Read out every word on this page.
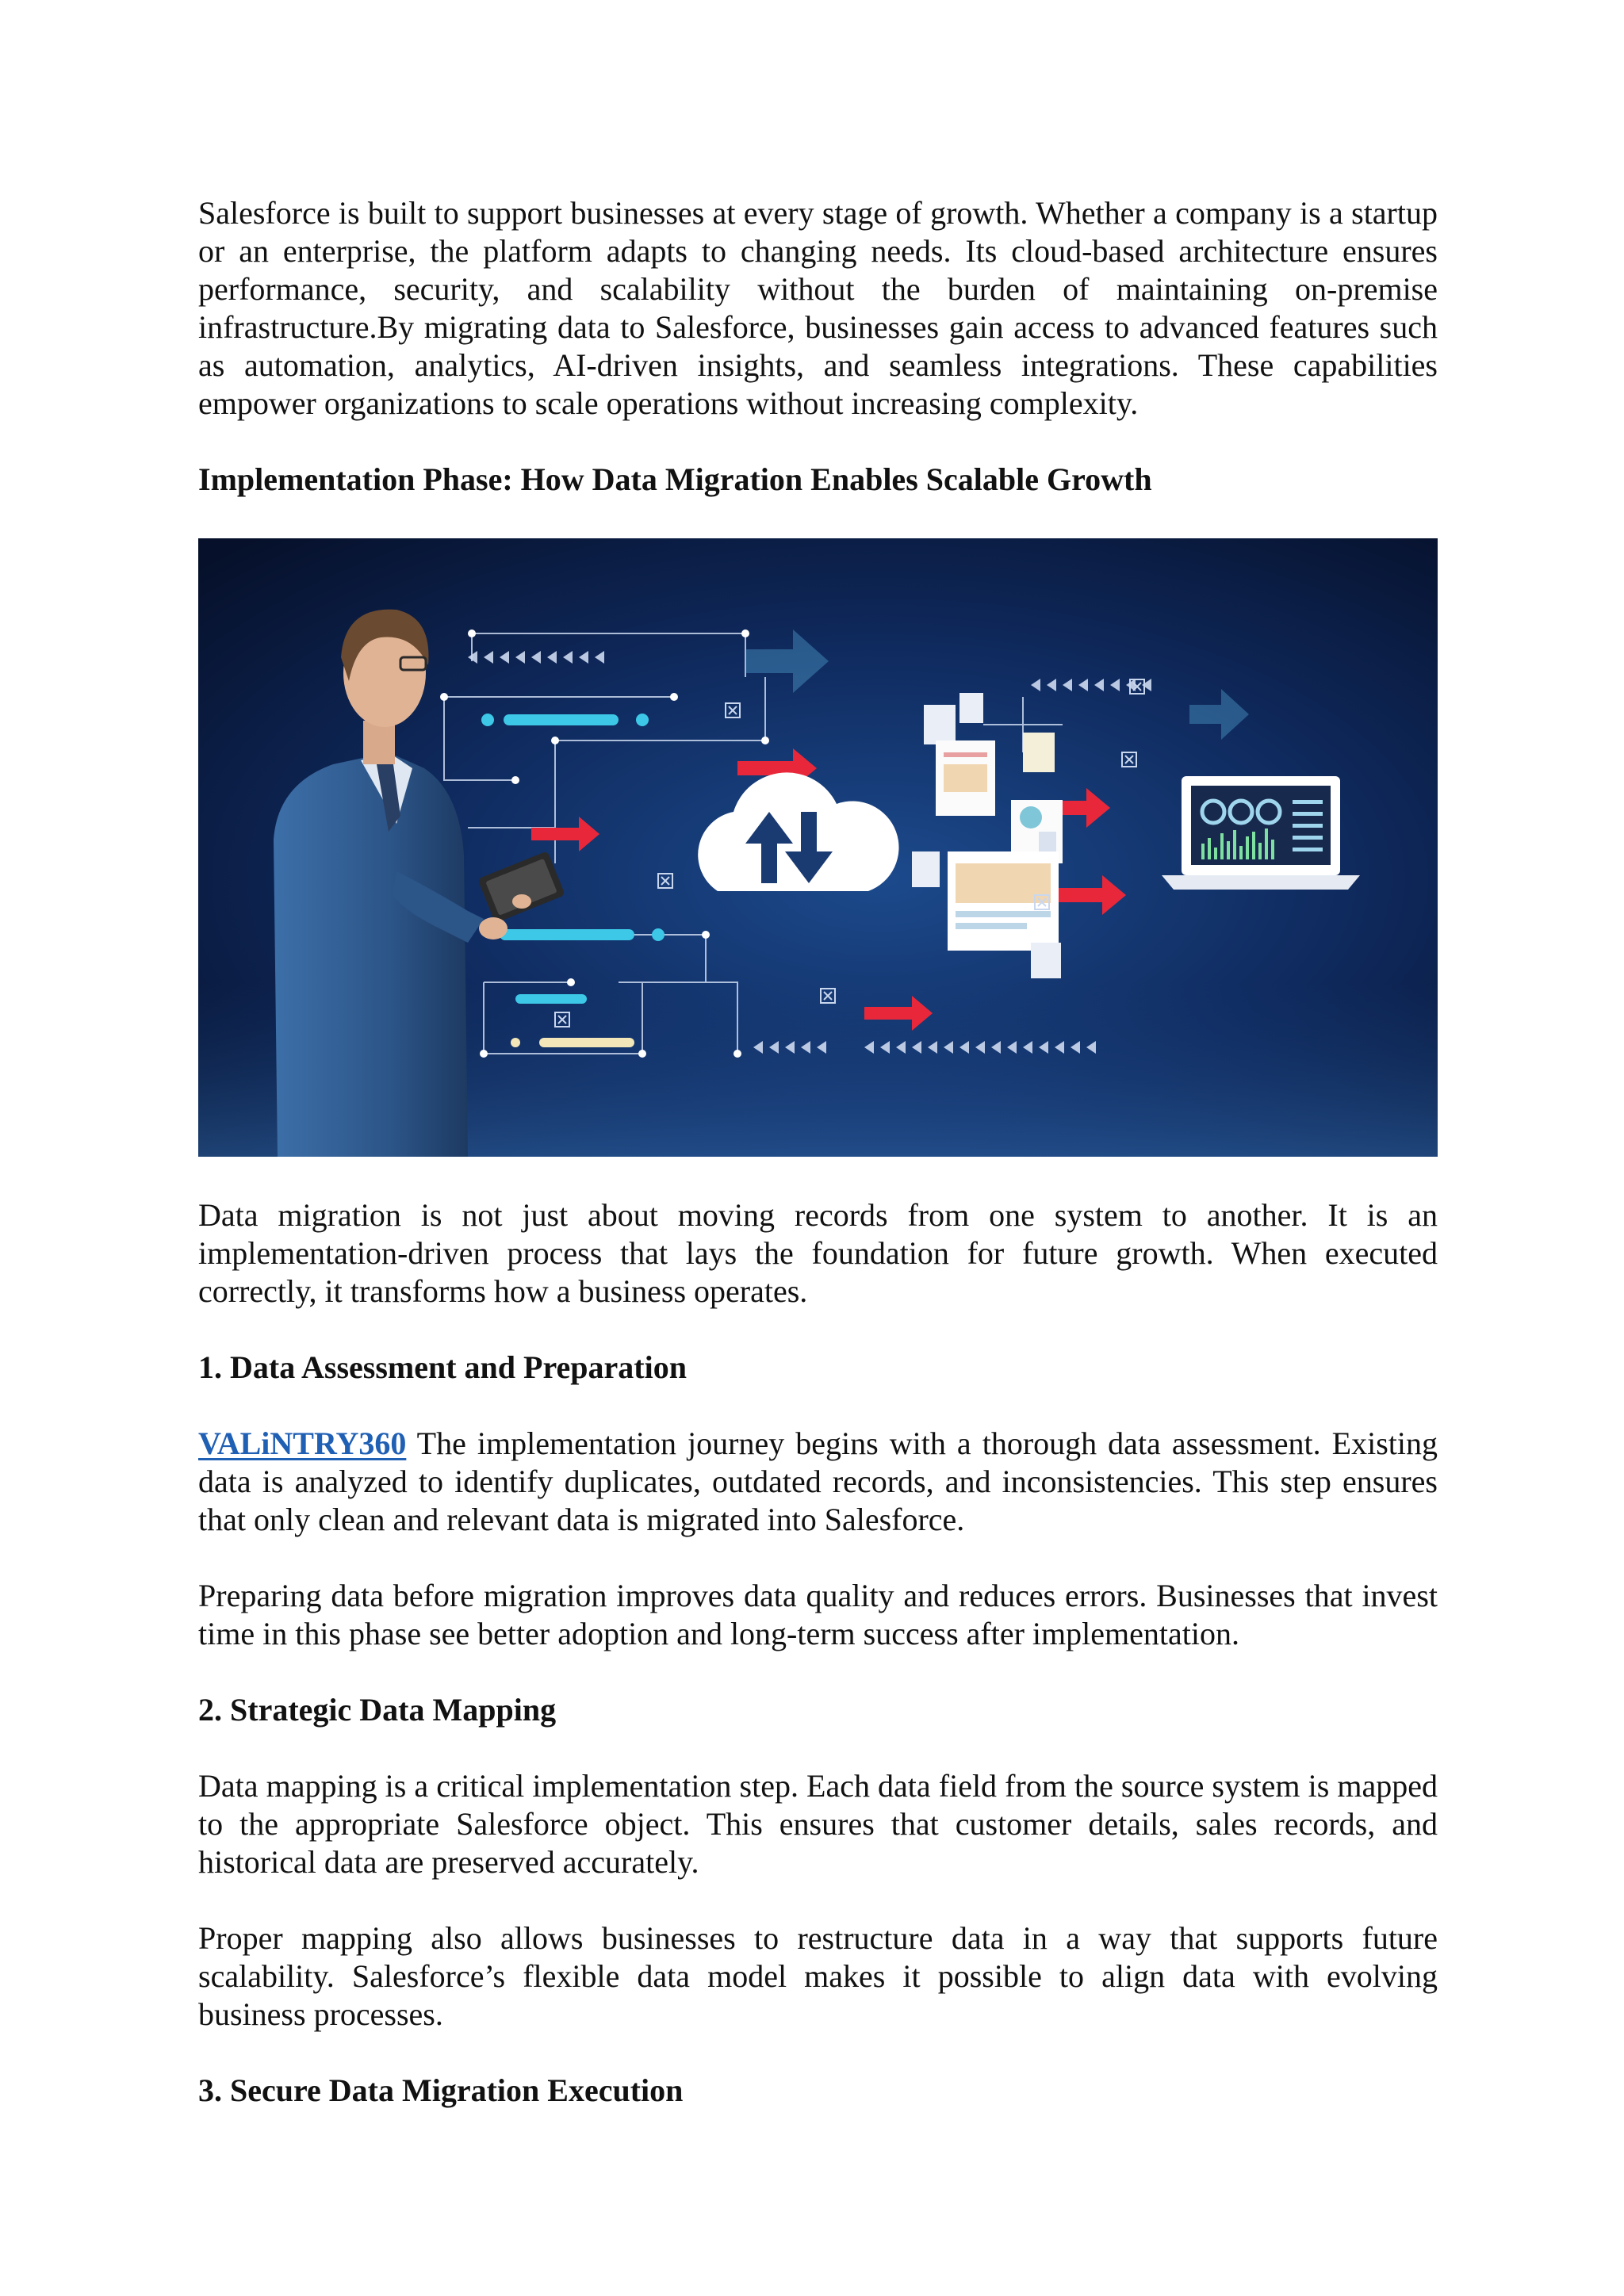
Salesforce is built to support businesses at every stage of growth. Whether a company is a startup or an enterprise, the platform adapts to changing needs. Its cloud-based architecture ensures performance, security, and scalability without the burden of maintaining on-premise infrastructure.By migrating data to Salesforce, businesses gain access to advanced features such as automation, analytics, AI-driven insights, and seamless integrations. These capabilities empower organizations to scale operations without increasing complexity.

Implementation Phase: How Data Migration Enables Scalable Growth

Data migration is not just about moving records from one system to another. It is an implementation-driven process that lays the foundation for future growth. When executed correctly, it transforms how a business operates.

1. Data Assessment and Preparation

VALiNTRY360 The implementation journey begins with a thorough data assessment. Existing data is analyzed to identify duplicates, outdated records, and inconsistencies. This step ensures that only clean and relevant data is migrated into Salesforce.

Preparing data before migration improves data quality and reduces errors. Businesses that invest time in this phase see better adoption and long-term success after implementation.

2. Strategic Data Mapping

Data mapping is a critical implementation step. Each data field from the source system is mapped to the appropriate Salesforce object. This ensures that customer details, sales records, and historical data are preserved accurately.

Proper mapping also allows businesses to restructure data in a way that supports future scalability. Salesforce’s flexible data model makes it possible to align data with evolving business processes.

3. Secure Data Migration Execution
